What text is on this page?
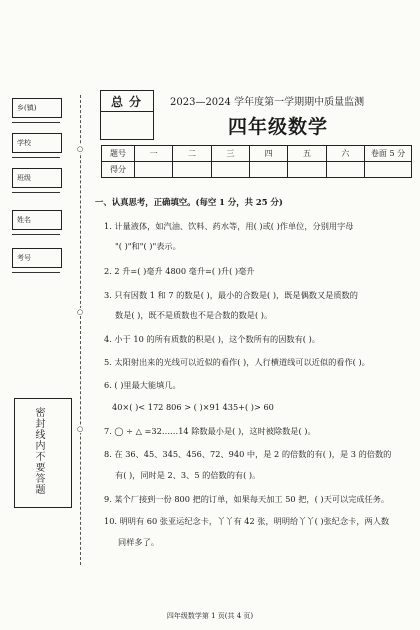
乡(镇)
学校
班级
姓名
考号
○
○
○
密封线内不要答题
总分 2023—2024 学年度第一学期期中质量监测
四年级数学
题号	一	二	三	四	五	六	卷面 5 分
得分							
一、认真思考，正确填空。(每空 1 分，共 25 分)
1. 计量液体，如汽油、饮料、药水等，用( )或( )作单位，分别用字母
"( )"和"( )"表示。
2. 2 升=( )毫升 4800 毫升=( )升( )毫升
3. 只有因数 1 和 7 的数是( )，最小的合数是( )，既是偶数又是质数的
数是( )，既不是质数也不是合数的数是( )。
4. 小于 10 的所有质数的积是( )，这个数所有的因数有( )。
5. 太阳射出来的光线可以近似的看作( )，人行横道线可以近似的看作( )。
6. ( )里最大能填几。
40×( )< 172 806 > ( )×91 435+( )> 60
7. ◯ ÷ △ =32……14 除数最小是( )，这时被除数是( )。
8. 在 36、45、345、456、72、940 中，是 2 的倍数的有( )，是 3 的倍数的
有( )，同时是 2、3、5 的倍数的有( )。
9. 某个厂接到一份 800 把的订单，如果每天加工 50 把，( )天可以完成任务。
10. 明明有 60 张亚运纪念卡，丫丫有 42 张，明明给丫丫( )张纪念卡，两人数
同样多了。
四年级数学第 1 页(共 4 页)
